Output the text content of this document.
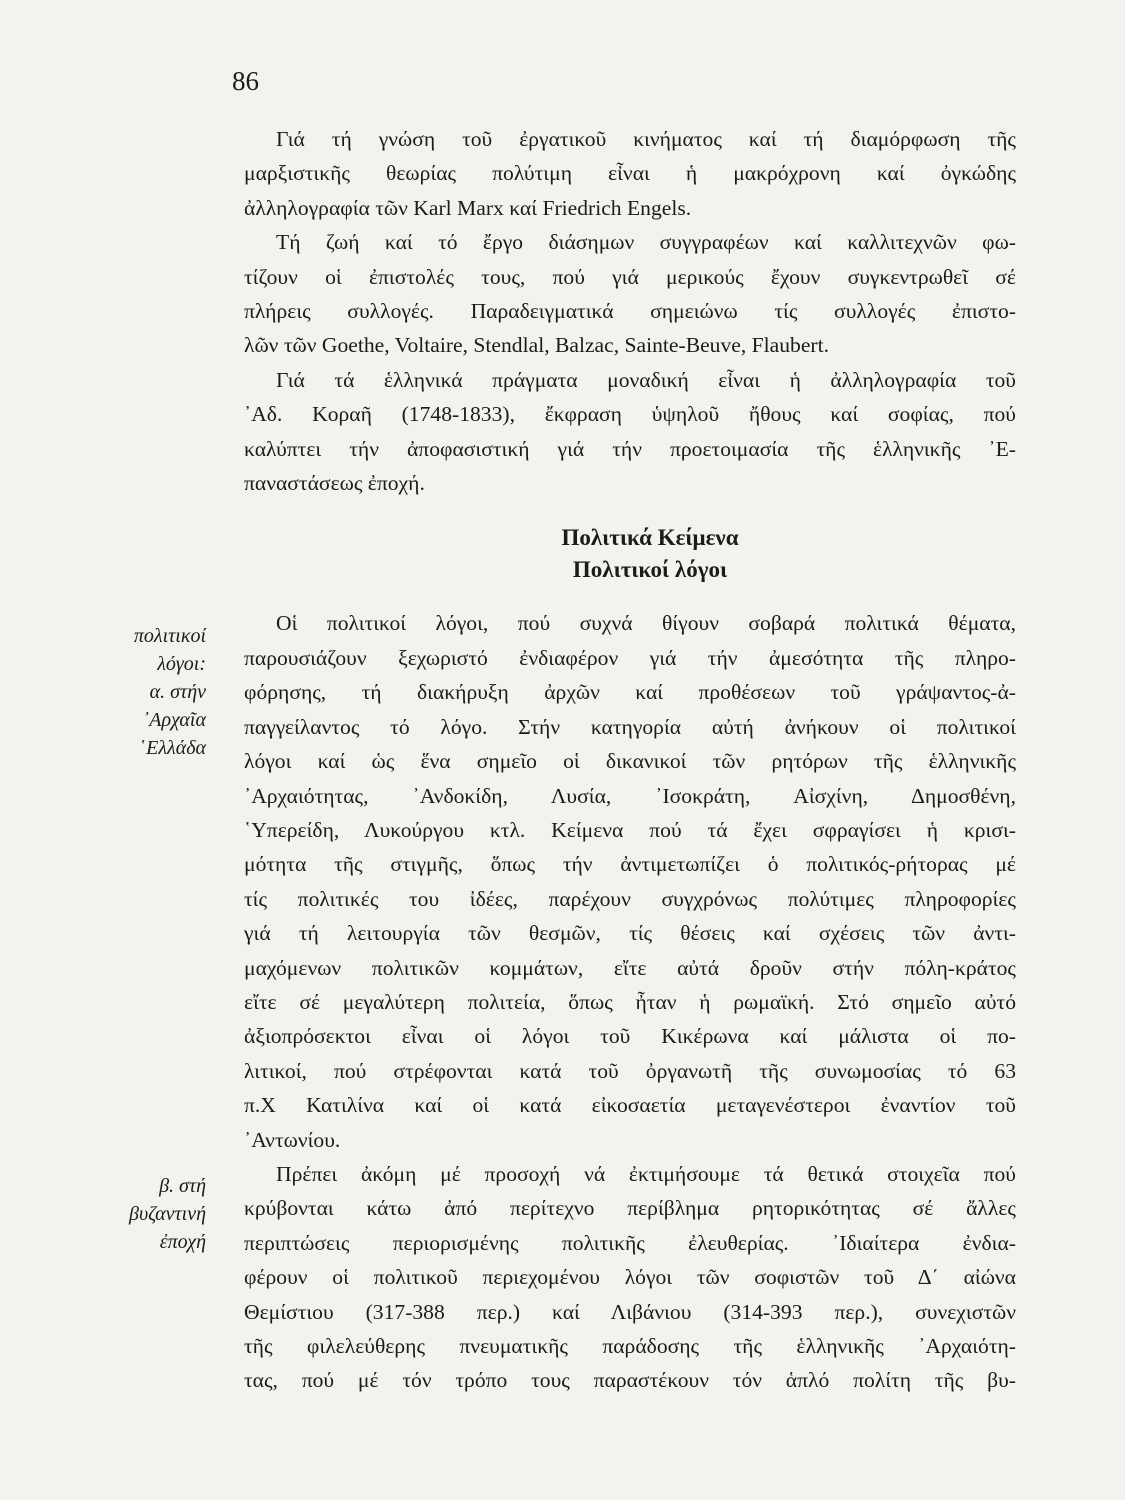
86
πολιτικοί
λόγοι:
α. στήν
᾿Αρχαῖα
῾Ελλάδα
β. στή
βυζαντινή
ἐποχή
Γιά τή γνώση τοῦ ἐργατικοῦ κινήματος καί τή διαμόρφωση τῆς
μαρξιστικῆς θεωρίας πολύτιμη εἶναι ἡ μακρόχρονη καί ὀγκώδης
ἀλληλογραφία τῶν Karl Marx καί Friedrich Engels.
Τή ζωή καί τό ἔργο διάσημων συγγραφέων καί καλλιτεχνῶν φω-
τίζουν οἱ ἐπιστολές τους, πού γιά μερικούς ἔχουν συγκεντρωθεῖ σέ
πλήρεις συλλογές. Παραδειγματικά σημειώνω τίς συλλογές ἐπιστο-
λῶν τῶν Goethe, Voltaire, Stendlal, Balzac, Sainte-Beuve, Flaubert.
Γιά τά ἑλληνικά πράγματα μοναδική εἶναι ἡ ἀλληλογραφία τοῦ
᾿Αδ. Κοραῆ (1748-1833), ἔκφραση ὑψηλοῦ ἤθους καί σοφίας, πού
καλύπτει τήν ἀποφασιστική γιά τήν προετοιμασία τῆς ἑλληνικῆς ᾿Ε-
παναστάσεως ἐποχή.
Πολιτικά Κείμενα
Πολιτικοί λόγοι
Οἱ πολιτικοί λόγοι, πού συχνά θίγουν σοβαρά πολιτικά θέματα,
παρουσιάζουν ξεχωριστό ἐνδιαφέρον γιά τήν ἀμεσότητα τῆς πληρο-
φόρησης, τή διακήρυξη ἀρχῶν καί προθέσεων τοῦ γράψαντος-ἀ-
παγγείλαντος τό λόγο. Στήν κατηγορία αὐτή ἀνήκουν οἱ πολιτικοί
λόγοι καί ὡς ἕνα σημεῖο οἱ δικανικοί τῶν ρητόρων τῆς ἑλληνικῆς
᾿Αρχαιότητας, ᾿Ανδοκίδη, Λυσία, ᾿Ισοκράτη, Αἰσχίνη, Δημοσθένη,
῾Υπερείδη, Λυκούργου κτλ. Κείμενα πού τά ἔχει σφραγίσει ἡ κρισι-
μότητα τῆς στιγμῆς, ὅπως τήν ἀντιμετωπίζει ὁ πολιτικός-ρήτορας μέ
τίς πολιτικές του ἰδέες, παρέχουν συγχρόνως πολύτιμες πληροφορίες
γιά τή λειτουργία τῶν θεσμῶν, τίς θέσεις καί σχέσεις τῶν ἀντι-
μαχόμενων πολιτικῶν κομμάτων, εἴτε αὐτά δροῦν στήν πόλη-κράτος
εἴτε σέ μεγαλύτερη πολιτεία, ὅπως ἦταν ἡ ρωμαϊκή. Στό σημεῖο αὐτό
ἀξιοπρόσεκτοι εἶναι οἱ λόγοι τοῦ Κικέρωνα καί μάλιστα οἱ πο-
λιτικοί, πού στρέφονται κατά τοῦ ὀργανωτῆ τῆς συνωμοσίας τό 63
π.Χ Κατιλίνα καί οἱ κατά εἰκοσαετία μεταγενέστεροι ἐναντίον τοῦ
᾿Αντωνίου.
Πρέπει ἀκόμη μέ προσοχή νά ἐκτιμήσουμε τά θετικά στοιχεῖα πού
κρύβονται κάτω ἀπό περίτεχνο περίβλημα ρητορικότητας σέ ἄλλες
περιπτώσεις περιορισμένης πολιτικῆς ἐλευθερίας. ᾿Ιδιαίτερα ἐνδια-
φέρουν οἱ πολιτικοῦ περιεχομένου λόγοι τῶν σοφιστῶν τοῦ Δ΄ αἰώνα
Θεμίστιου (317-388 περ.) καί Λιβάνιου (314-393 περ.), συνεχιστῶν
τῆς φιλελεύθερης πνευματικῆς παράδοσης τῆς ἑλληνικῆς ᾿Αρχαιότη-
τας, πού μέ τόν τρόπο τους παραστέκουν τόν ἁπλό πολίτη τῆς βυ-
